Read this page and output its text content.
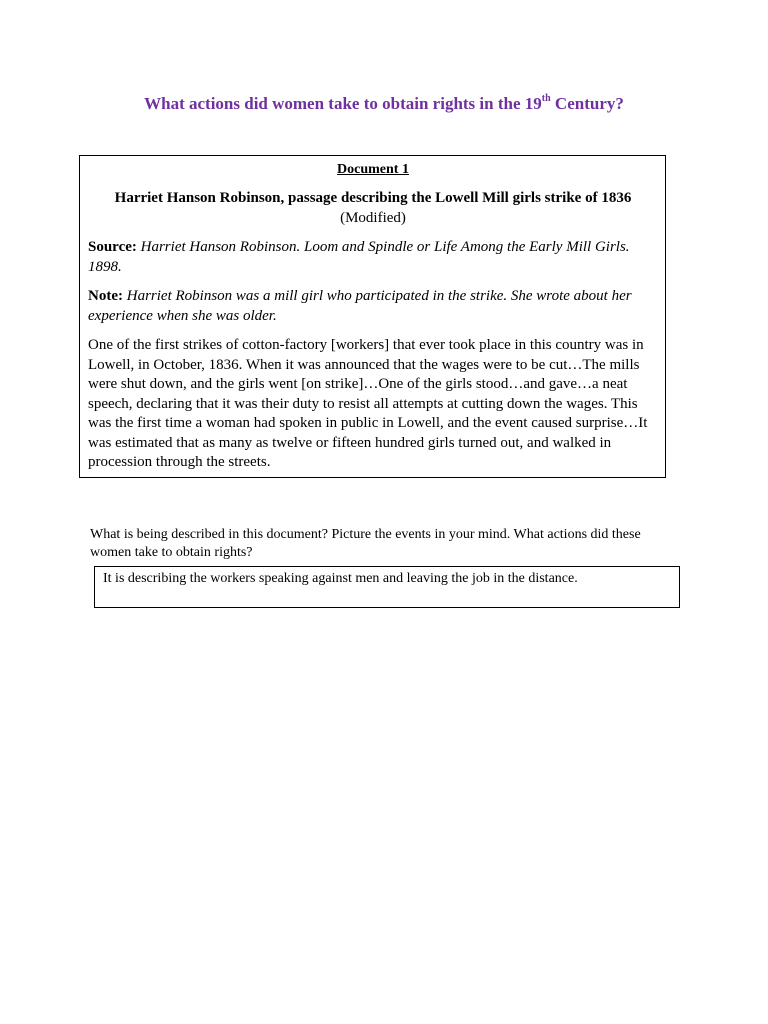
What actions did women take to obtain rights in the 19th Century?
Document 1
Harriet Hanson Robinson, passage describing the Lowell Mill girls strike of 1836
(Modified)

Source: Harriet Hanson Robinson. Loom and Spindle or Life Among the Early Mill Girls. 1898.

Note: Harriet Robinson was a mill girl who participated in the strike. She wrote about her experience when she was older.

One of the first strikes of cotton-factory [workers] that ever took place in this country was in Lowell, in October, 1836. When it was announced that the wages were to be cut…The mills were shut down, and the girls went [on strike]…One of the girls stood…and gave…a neat speech, declaring that it was their duty to resist all attempts at cutting down the wages. This was the first time a woman had spoken in public in Lowell, and the event caused surprise…It was estimated that as many as twelve or fifteen hundred girls turned out, and walked in procession through the streets.

What is being described in this document? Picture the events in your mind. What actions did these women take to obtain rights?
It is describing the workers speaking against men and leaving the job in the distance.
